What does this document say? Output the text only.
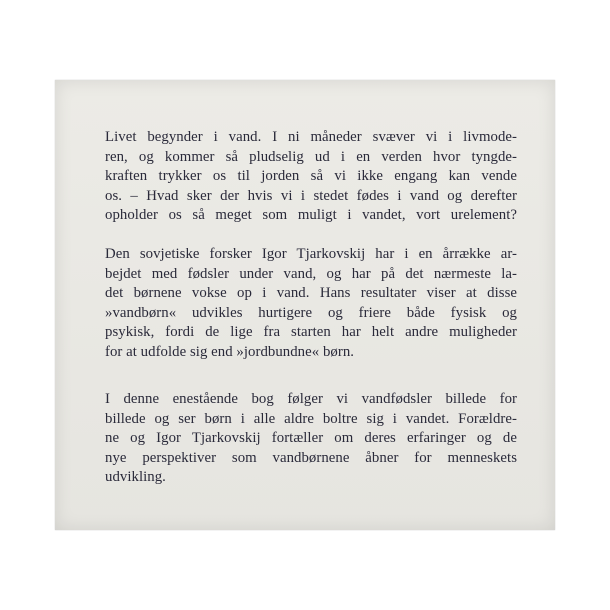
Livet begynder i vand. I ni måneder svæver vi i livmode-
ren, og kommer så pludselig ud i en verden hvor tyngde-
kraften trykker os til jorden så vi ikke engang kan vende
os. – Hvad sker der hvis vi i stedet fødes i vand og derefter
opholder os så meget som muligt i vandet, vort urelement?

Den sovjetiske forsker Igor Tjarkovskij har i en årrække ar-
bejdet med fødsler under vand, og har på det nærmeste la-
det børnene vokse op i vand. Hans resultater viser at disse
»vandbørn« udvikles hurtigere og friere både fysisk og
psykisk, fordi de lige fra starten har helt andre muligheder
for at udfolde sig end »jordbundne« børn.

I denne enestående bog følger vi vandfødsler billede for
billede og ser børn i alle aldre boltre sig i vandet. Forældre-
ne og Igor Tjarkovskij fortæller om deres erfaringer og de
nye perspektiver som vandbørnene åbner for menneskets
udvikling.
